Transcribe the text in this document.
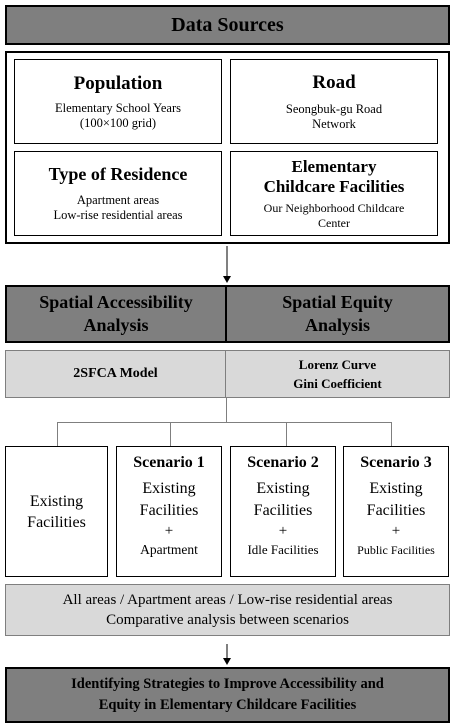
Data Sources
Population
Elementary School Years
(100×100 grid)
Road
Seongbuk-gu Road
Network
Type of Residence
Apartment areas
Low-rise residential areas
Elementary
Childcare Facilities
Our Neighborhood Childcare
Center
Spatial Accessibility
Analysis
Spatial Equity
Analysis
2SFCA Model
Lorenz Curve
Gini Coefficient
Existing
Facilities
Scenario 1
Existing
Facilities
+
Apartment
Scenario 2
Existing
Facilities
+
Idle Facilities
Scenario 3
Existing
Facilities
+
Public Facilities
All areas / Apartment areas / Low-rise residential areas
Comparative analysis between scenarios
Identifying Strategies to Improve Accessibility and
Equity in Elementary Childcare Facilities
